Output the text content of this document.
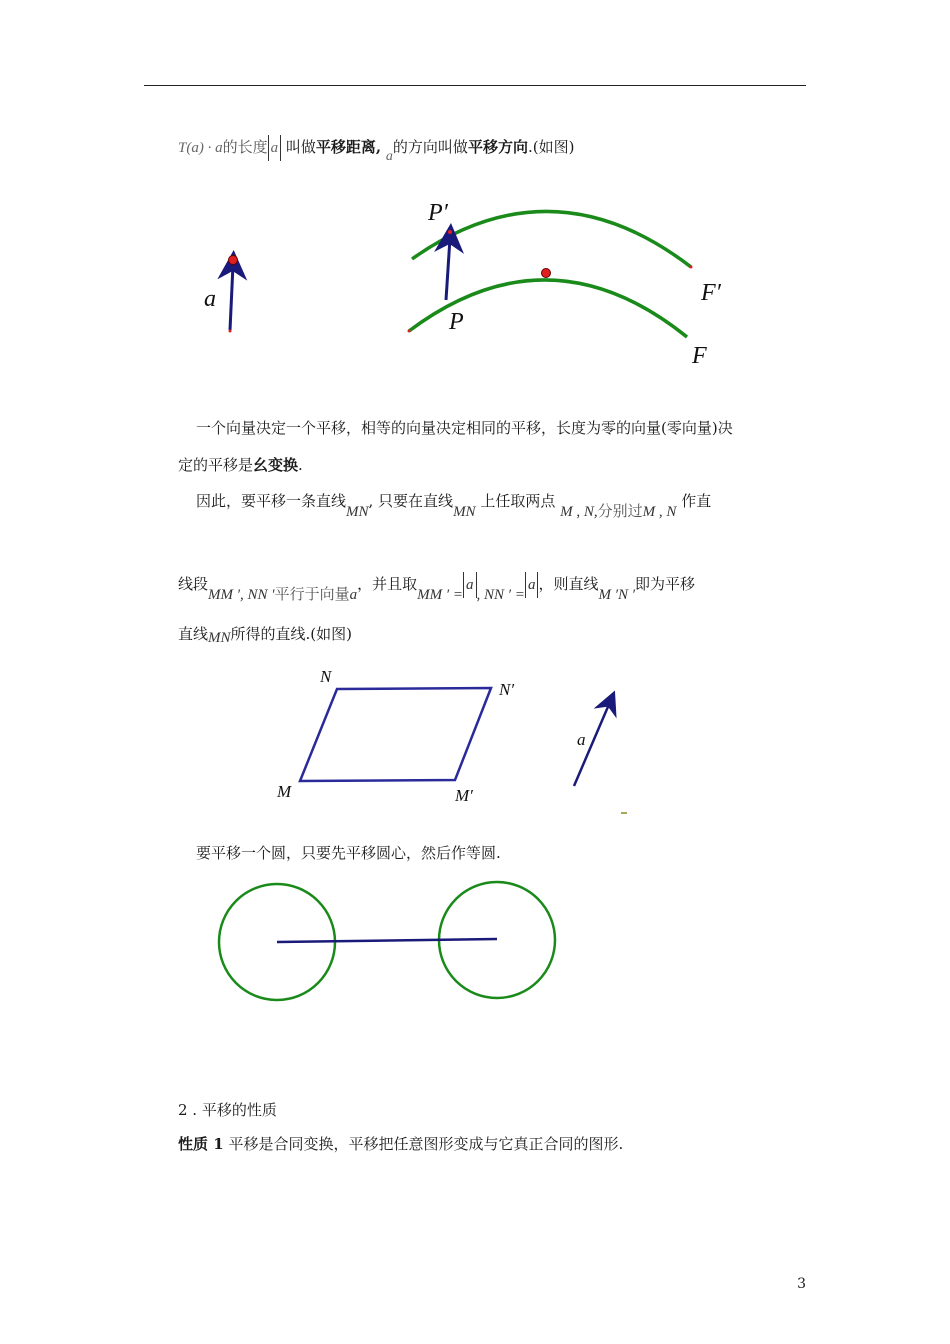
T(a) · a的长度 a 叫做平移距离, a的方向叫做平移方向.(如图)
a
P′
P
F′
F
一个向量决定一个平移，相等的向量决定相同的平移，长度为零的向量(零向量)决
定的平移是幺变换.
因此，要平移一条直线MN, 只要在直线MN 上任取两点 M , N,分别过M , N 作直
线段MM ′, NN ′平行于向量a，并且取MM ′ =a, NN ′ =a ，则直线M ′N ′即为平移
直线MN所得的直线.(如图)
N
N′
M	M′
a
要平移一个圆，只要先平移圆心，然后作等圆.
2 . 平移的性质
性质 1 平移是合同变换，平移把任意图形变成与它真正合同的图形.
3
